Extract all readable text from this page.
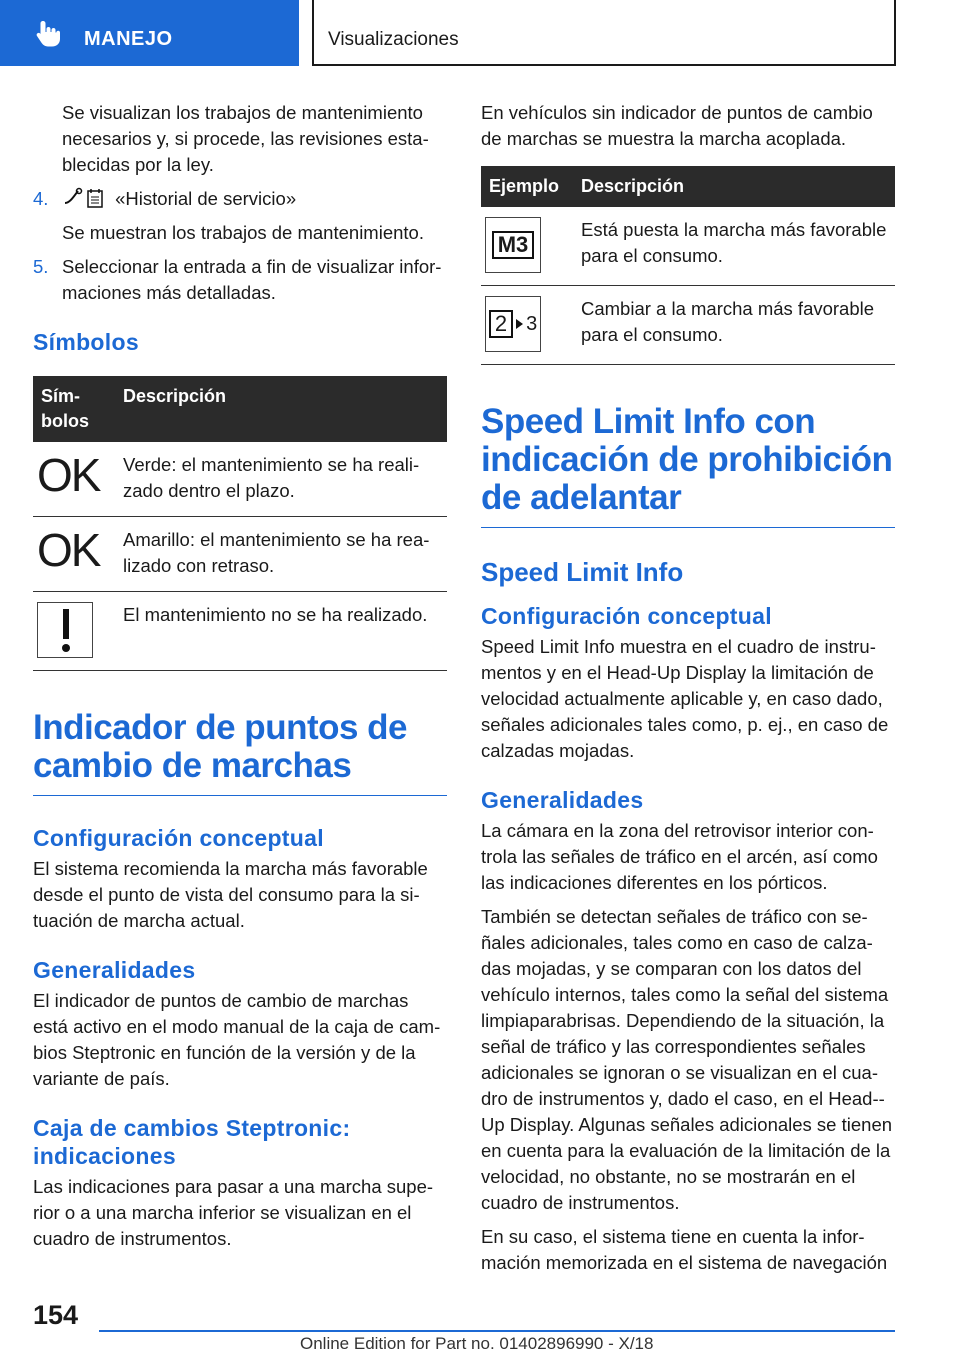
MANEJO	Visualizaciones

Se visualizan los trabajos de mantenimiento necesarios y, si procede, las revisiones establecidas por la ley.

4.	«Historial de servicio»
Se muestran los trabajos de mantenimiento.
5. Seleccionar la entrada a fin de visualizar informaciones más detalladas.
Símbolos
Símbolos	Descripción
OK	Verde: el mantenimiento se ha realizado dentro el plazo.
OK	Amarillo: el mantenimiento se ha realizado con retraso.

	El mantenimiento no se ha realizado.
Indicador de puntos de cambio de marchas
Configuración conceptual

El sistema recomienda la marcha más favorable desde el punto de vista del consumo para la situación de marcha actual.

Generalidades

El indicador de puntos de cambio de marchas está activo en el modo manual de la caja de cambios Steptronic en función de la versión y de la variante de país.

Caja de cambios Steptronic: indicaciones

Las indicaciones para pasar a una marcha superior o a una marcha inferior se visualizan en el cuadro de instrumentos.

En vehículos sin indicador de puntos de cambio de marchas se muestra la marcha acoplada.

Ejemplo	Descripción

M3	Está puesta la marcha más favorable para el consumo.

2 3	Cambiar a la marcha más favorable para el consumo.
Speed Limit Info con indicación de prohibición de adelantar
Speed Limit Info
Configuración conceptual

Speed Limit Info muestra en el cuadro de instrumentos y en el Head-Up Display la limitación de velocidad actualmente aplicable y, en caso dado, señales adicionales tales como, p. ej., en caso de calzadas mojadas.

Generalidades

La cámara en la zona del retrovisor interior controla las señales de tráfico en el arcén, así como las indicaciones diferentes en los pórticos.

También se detectan señales de tráfico con señales adicionales, tales como en caso de calzadas mojadas, y se comparan con los datos del vehículo internos, tales como la señal del sistema limpiaparabrisas. Dependiendo de la situación, la señal de tráfico y las correspondientes señales adicionales se ignoran o se visualizan en el cuadro de instrumentos y, dado el caso, en el Head-Up Display. Algunas señales adicionales se tienen en cuenta para la evaluación de la limitación de la velocidad, no obstante, no se mostrarán en el cuadro de instrumentos.

En su caso, el sistema tiene en cuenta la información memorizada en el sistema de navegación

154
Online Edition for Part no. 01402896990 - X/18
